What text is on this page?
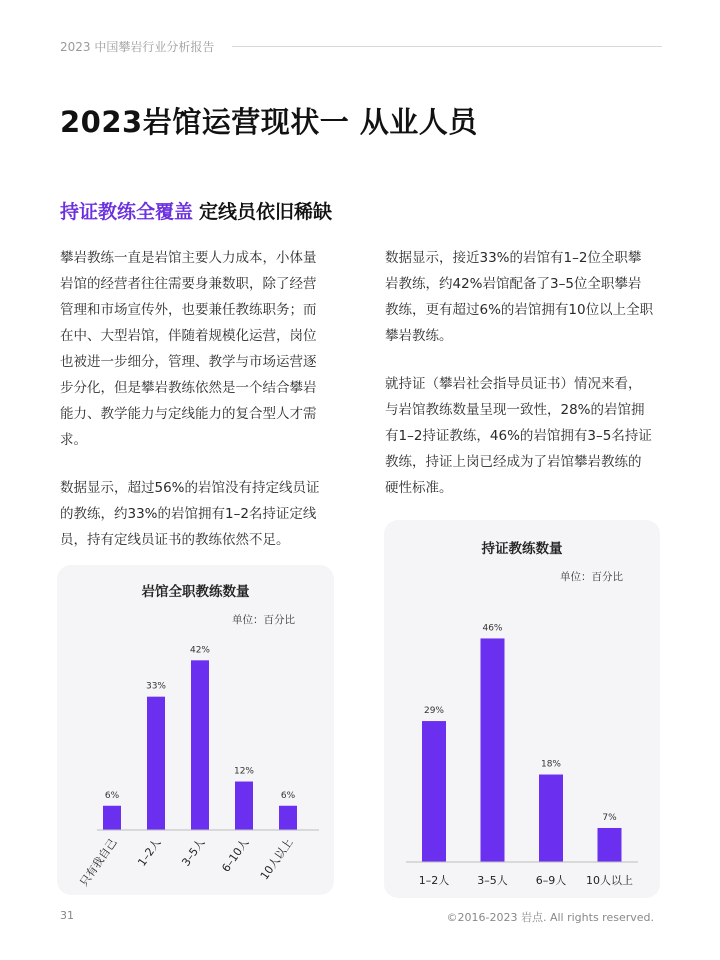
2023 中国攀岩行业分析报告
2023岩馆运营现状一 从业人员
持证教练全覆盖 定线员依旧稀缺

攀岩教练一直是岩馆主要人力成本，小体量
岩馆的经营者往往需要身兼数职，除了经营
管理和市场宣传外，也要兼任教练职务；而
在中、大型岩馆，伴随着规模化运营，岗位
也被进一步细分，管理、教学与市场运营逐
步分化，但是攀岩教练依然是一个结合攀岩
能力、教学能力与定线能力的复合型人才需
求。

数据显示，超过56%的岩馆没有持定线员证
的教练，约33%的岩馆拥有1–2名持证定线
员，持有定线员证书的教练依然不足。

数据显示，接近33%的岩馆有1–2位全职攀
岩教练，约42%岩馆配备了3–5位全职攀岩
教练，更有超过6%的岩馆拥有10位以上全职
攀岩教练。

就持证（攀岩社会指导员证书）情况来看，
与岩馆教练数量呈现一致性，28%的岩馆拥
有1–2持证教练，46%的岩馆拥有3–5名持证
教练，持证上岗已经成为了岩馆攀岩教练的
硬性标准。

岩馆全职教练数量
单位：百分比
6%
只有我自己
33%
1–2人
42%
3–5人
12%
6–10人
6%
10人以上
持证教练数量
单位：百分比
29%
1–2人
46%
3–5人
18%
6–9人
7%
10人以上
31	©2016-2023 岩点. All rights reserved.
